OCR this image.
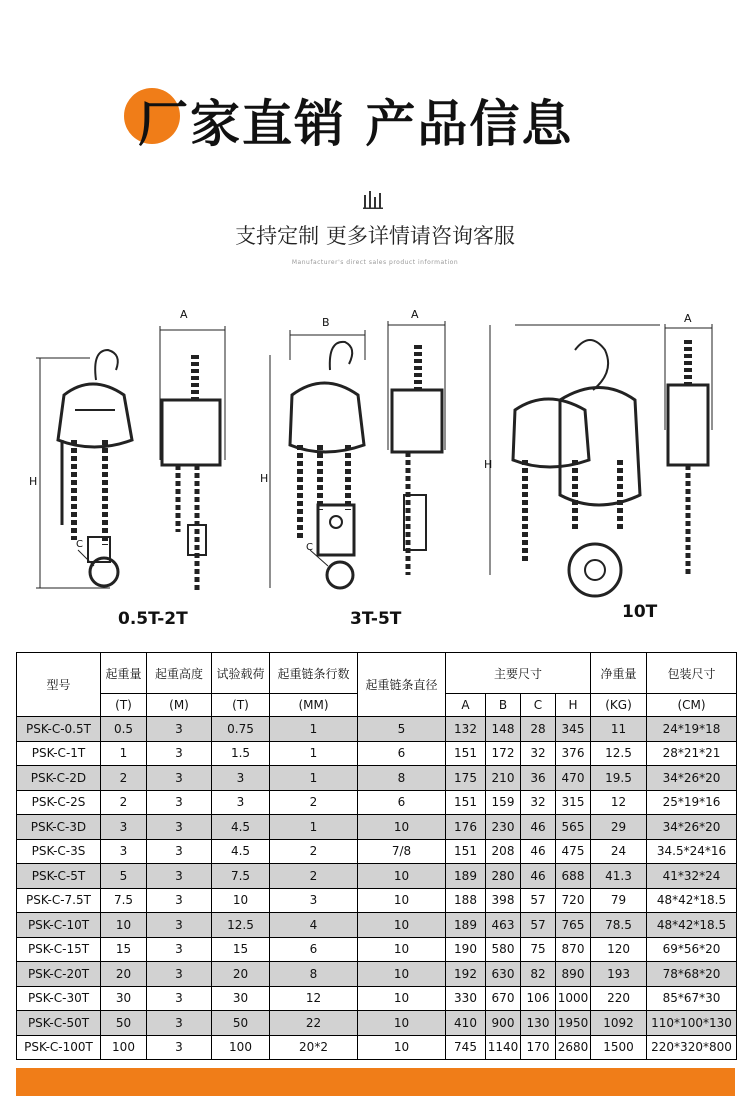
厂家直销 产品信息
支持定制 更多详情请咨询客服
Manufacturer's direct sales product information
0.5T-2T	3T-5T	10T
A
H
C
B
A
H
C
A
H
型号	起重量	起重高度	试验载荷	起重链条行数	起重链条直径	主要尺寸				净重量	包装尺寸
	(T)	(M)	(T)	(MM)		A	B	C	H	(KG)	(CM)
PSK-C-0.5T	0.5	3	0.75	1	5	132	148	28	345	11	24*19*18
PSK-C-1T	1	3	1.5	1	6	151	172	32	376	12.5	28*21*21
PSK-C-2D	2	3	3	1	8	175	210	36	470	19.5	34*26*20
PSK-C-2S	2	3	3	2	6	151	159	32	315	12	25*19*16
PSK-C-3D	3	3	4.5	1	10	176	230	46	565	29	34*26*20
PSK-C-3S	3	3	4.5	2	7/8	151	208	46	475	24	34.5*24*16
PSK-C-5T	5	3	7.5	2	10	189	280	46	688	41.3	41*32*24
PSK-C-7.5T	7.5	3	10	3	10	188	398	57	720	79	48*42*18.5
PSK-C-10T	10	3	12.5	4	10	189	463	57	765	78.5	48*42*18.5
PSK-C-15T	15	3	15	6	10	190	580	75	870	120	69*56*20
PSK-C-20T	20	3	20	8	10	192	630	82	890	193	78*68*20
PSK-C-30T	30	3	30	12	10	330	670	106	1000	220	85*67*30
PSK-C-50T	50	3	50	22	10	410	900	130	1950	1092	110*100*130
PSK-C-100T	100	3	100	20*2	10	745	1140	170	2680	1500	220*320*800
